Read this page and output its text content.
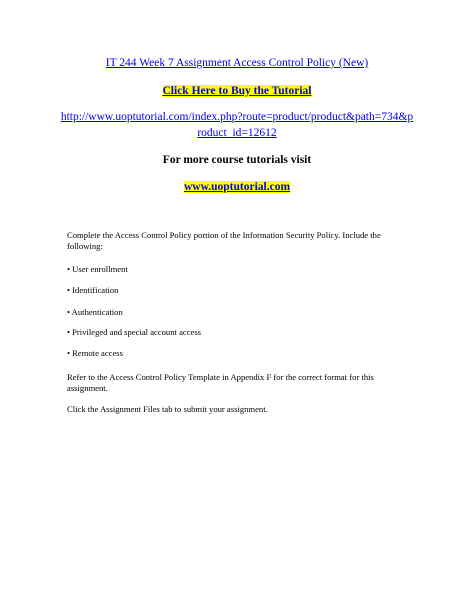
IT 244 Week 7 Assignment Access Control Policy (New)
Click Here to Buy the Tutorial
http://www.uoptutorial.com/index.php?route=product/product&path=734&p
roduct_id=12612
For more course tutorials visit
www.uoptutorial.com
Complete the Access Control Policy portion of the Information Security Policy. Include the following:
• User enrollment
• Identification
• Authentication
• Privileged and special account access
• Remote access
Refer to the Access Control Policy Template in Appendix F for the correct format for this assignment.
Click the Assignment Files tab to submit your assignment.
